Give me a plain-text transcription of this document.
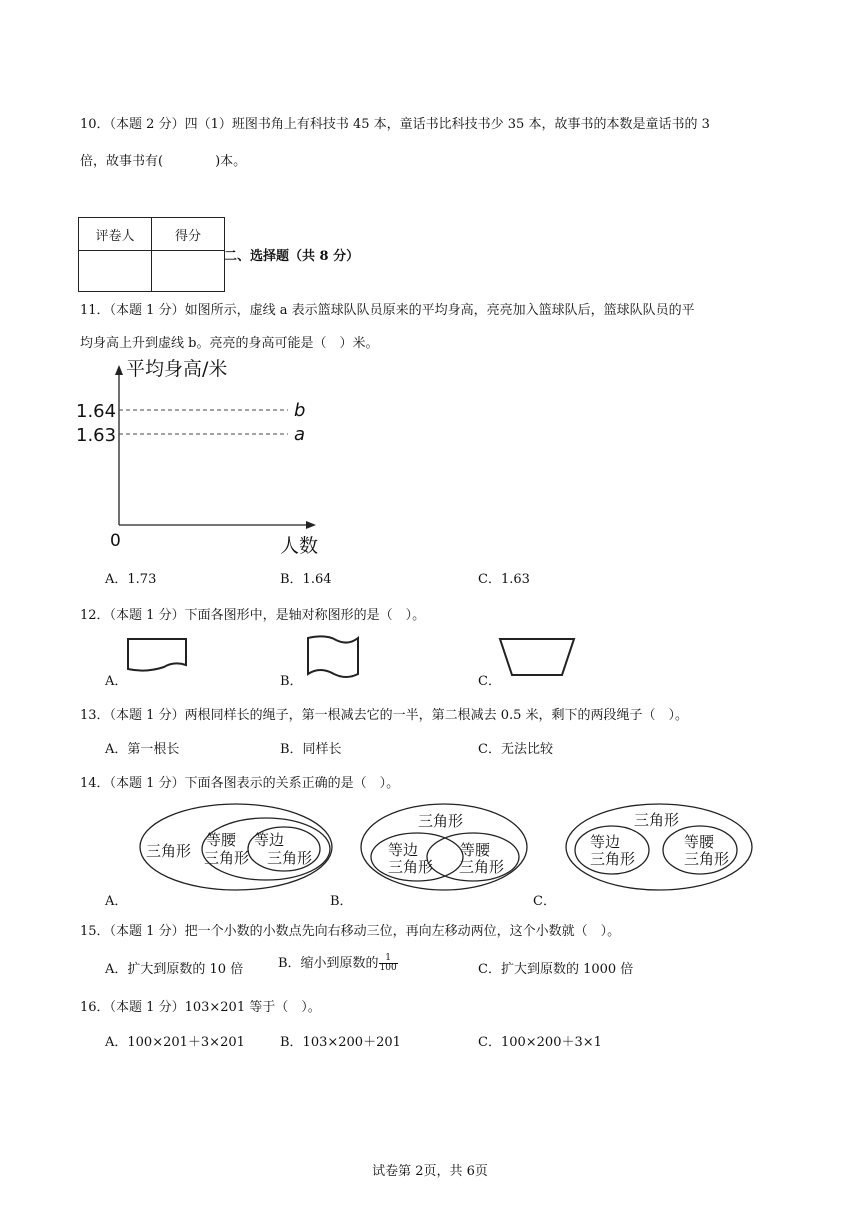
10．（本题 2 分）四（1）班图书角上有科技书 45 本，童话书比科技书少 35 本，故事书的本数是童话书的 3
倍，故事书有(　　　　)本。
评卷人	得分

二、选择题（共 8 分）
11．（本题 1 分）如图所示，虚线 a 表示篮球队队员原来的平均身高，亮亮加入篮球队后，篮球队队员的平
均身高上升到虚线 b。亮亮的身高可能是（　）米。
平均身高/米
1.64
1.63
b
a
0	人数
A．1.73	B．1.64	C．1.63
12．（本题 1 分）下面各图形中，是轴对称图形的是（　）。
A．	B．	C．
13．（本题 1 分）两根同样长的绳子，第一根减去它的一半，第二根减去 0.5 米，剩下的两段绳子（　）。
A．第一根长	B．同样长	C．无法比较
14．（本题 1 分）下面各图表示的关系正确的是（　）。
三角形
等腰
三角形
等边
三角形
A．
三角形
等边
三角形
等腰
三角形
B．
三角形
等边
三角形
等腰
三角形
C．
15．（本题 1 分）把一个小数的小数点先向右移动三位，再向左移动两位，这个小数就（　）。
A．扩大到原数的 10 倍	B．缩小到原数的 $\frac{1}{100}$	C．扩大到原数的 1000 倍
16．（本题 1 分）103×201 等于（　）。
A．100×201＋3×201	B．103×200＋201	C．100×200＋3×1
试卷第 2页，共 6页
